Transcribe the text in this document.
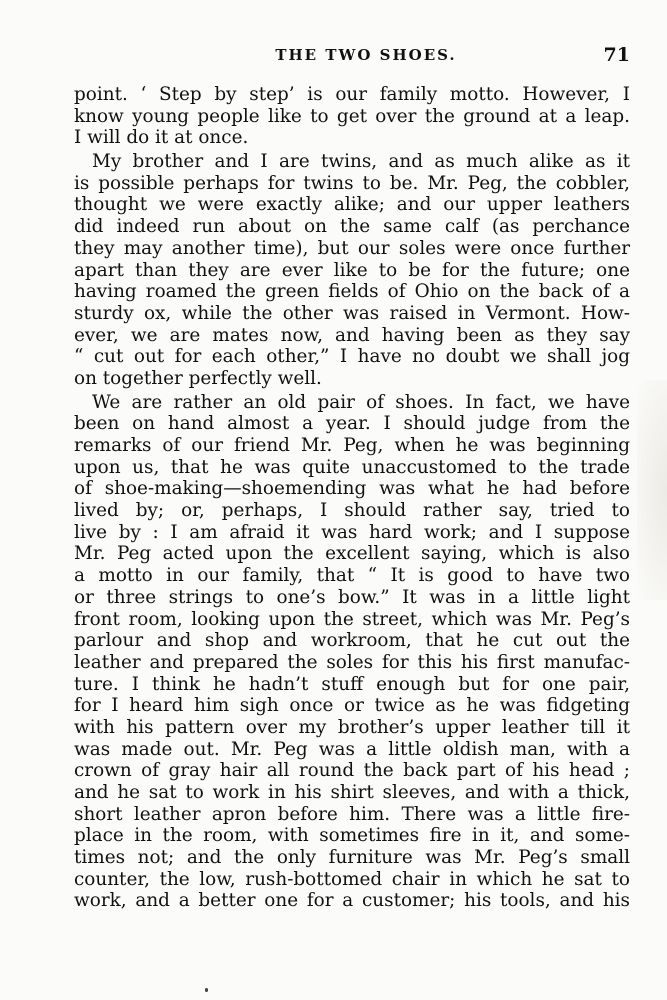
THE TWO SHOES.	71
point. ‘ Step by step’ is our family motto. However, I
know young people like to get over the ground at a leap.
I will do it at once.
My brother and I are twins, and as much alike as it
is possible perhaps for twins to be. Mr. Peg, the cobbler,
thought we were exactly alike; and our upper leathers
did indeed run about on the same calf (as perchance
they may another time), but our soles were once further
apart than they are ever like to be for the future; one
having roamed the green fields of Ohio on the back of a
sturdy ox, while the other was raised in Vermont. How-
ever, we are mates now, and having been as they say
“ cut out for each other,” I have no doubt we shall jog
on together perfectly well.
We are rather an old pair of shoes. In fact, we have
been on hand almost a year. I should judge from the
remarks of our friend Mr. Peg, when he was beginning
upon us, that he was quite unaccustomed to the trade
of shoe-making—shoemending was what he had before
lived by; or, perhaps, I should rather say, tried to
live by : I am afraid it was hard work; and I suppose
Mr. Peg acted upon the excellent saying, which is also
a motto in our family, that “ It is good to have two
or three strings to one’s bow.” It was in a little light
front room, looking upon the street, which was Mr. Peg’s
parlour and shop and workroom, that he cut out the
leather and prepared the soles for this his first manufac-
ture. I think he hadn’t stuff enough but for one pair,
for I heard him sigh once or twice as he was fidgeting
with his pattern over my brother’s upper leather till it
was made out. Mr. Peg was a little oldish man, with a
crown of gray hair all round the back part of his head ;
and he sat to work in his shirt sleeves, and with a thick,
short leather apron before him. There was a little fire-
place in the room, with sometimes fire in it, and some-
times not; and the only furniture was Mr. Peg’s small
counter, the low, rush-bottomed chair in which he sat to
work, and a better one for a customer; his tools, and his
